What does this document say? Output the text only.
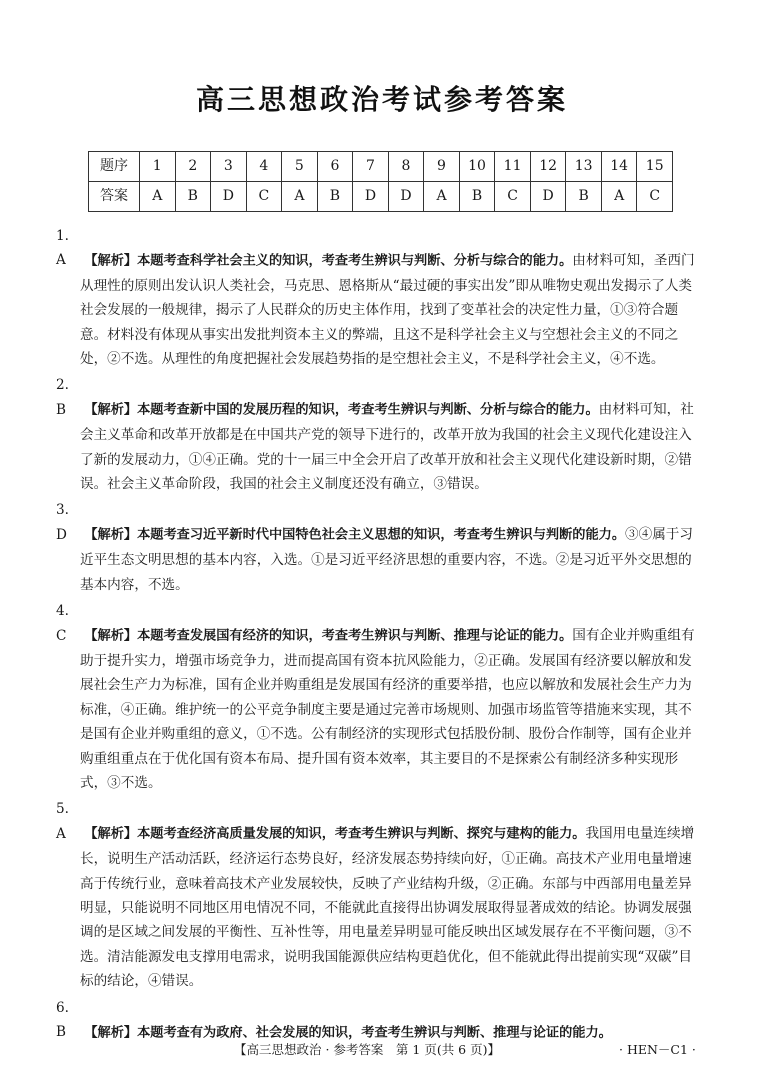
高三思想政治考试参考答案
题序	1	2	3	4	5	6	7	8	9	10	11	12	13	14	15
答案	A	B	D	C	A	B	D	D	A	B	C	D	B	A	C

1. A 【解析】本题考查科学社会主义的知识，考查考生辨识与判断、分析与综合的能力。由材料可知，圣西门从理性的原则出发认识人类社会，马克思、恩格斯从“最过硬的事实出发”即从唯物史观出发揭示了人类社会发展的一般规律，揭示了人民群众的历史主体作用，找到了变革社会的决定性力量，①③符合题意。材料没有体现从事实出发批判资本主义的弊端，且这不是科学社会主义与空想社会主义的不同之处，②不选。从理性的角度把握社会发展趋势指的是空想社会主义，不是科学社会主义，④不选。

2. B 【解析】本题考查新中国的发展历程的知识，考查考生辨识与判断、分析与综合的能力。由材料可知，社会主义革命和改革开放都是在中国共产党的领导下进行的，改革开放为我国的社会主义现代化建设注入了新的发展动力，①④正确。党的十一届三中全会开启了改革开放和社会主义现代化建设新时期，②错误。社会主义革命阶段，我国的社会主义制度还没有确立，③错误。

3. D 【解析】本题考查习近平新时代中国特色社会主义思想的知识，考查考生辨识与判断的能力。③④属于习近平生态文明思想的基本内容，入选。①是习近平经济思想的重要内容，不选。②是习近平外交思想的基本内容，不选。

4. C 【解析】本题考查发展国有经济的知识，考查考生辨识与判断、推理与论证的能力。国有企业并购重组有助于提升实力，增强市场竞争力，进而提高国有资本抗风险能力，②正确。发展国有经济要以解放和发展社会生产力为标准，国有企业并购重组是发展国有经济的重要举措，也应以解放和发展社会生产力为标准，④正确。维护统一的公平竞争制度主要是通过完善市场规则、加强市场监管等措施来实现，其不是国有企业并购重组的意义，①不选。公有制经济的实现形式包括股份制、股份合作制等，国有企业并购重组重点在于优化国有资本布局、提升国有资本效率，其主要目的不是探索公有制经济多种实现形式，③不选。

5. A 【解析】本题考查经济高质量发展的知识，考查考生辨识与判断、探究与建构的能力。我国用电量连续增长，说明生产活动活跃，经济运行态势良好，经济发展态势持续向好，①正确。高技术产业用电量增速高于传统行业，意味着高技术产业发展较快，反映了产业结构升级，②正确。东部与中西部用电量差异明显，只能说明不同地区用电情况不同，不能就此直接得出协调发展取得显著成效的结论。协调发展强调的是区域之间发展的平衡性、互补性等，用电量差异明显可能反映出区域发展存在不平衡问题，③不选。清洁能源发电支撑用电需求，说明我国能源供应结构更趋优化，但不能就此得出提前实现“双碳”目标的结论，④错误。

6. B 【解析】本题考查有为政府、社会发展的知识，考查考生辨识与判断、推理与论证的能力。

【高三思想政治 · 参考答案　第 1 页(共 6 页)】	· HEN－C1 ·
